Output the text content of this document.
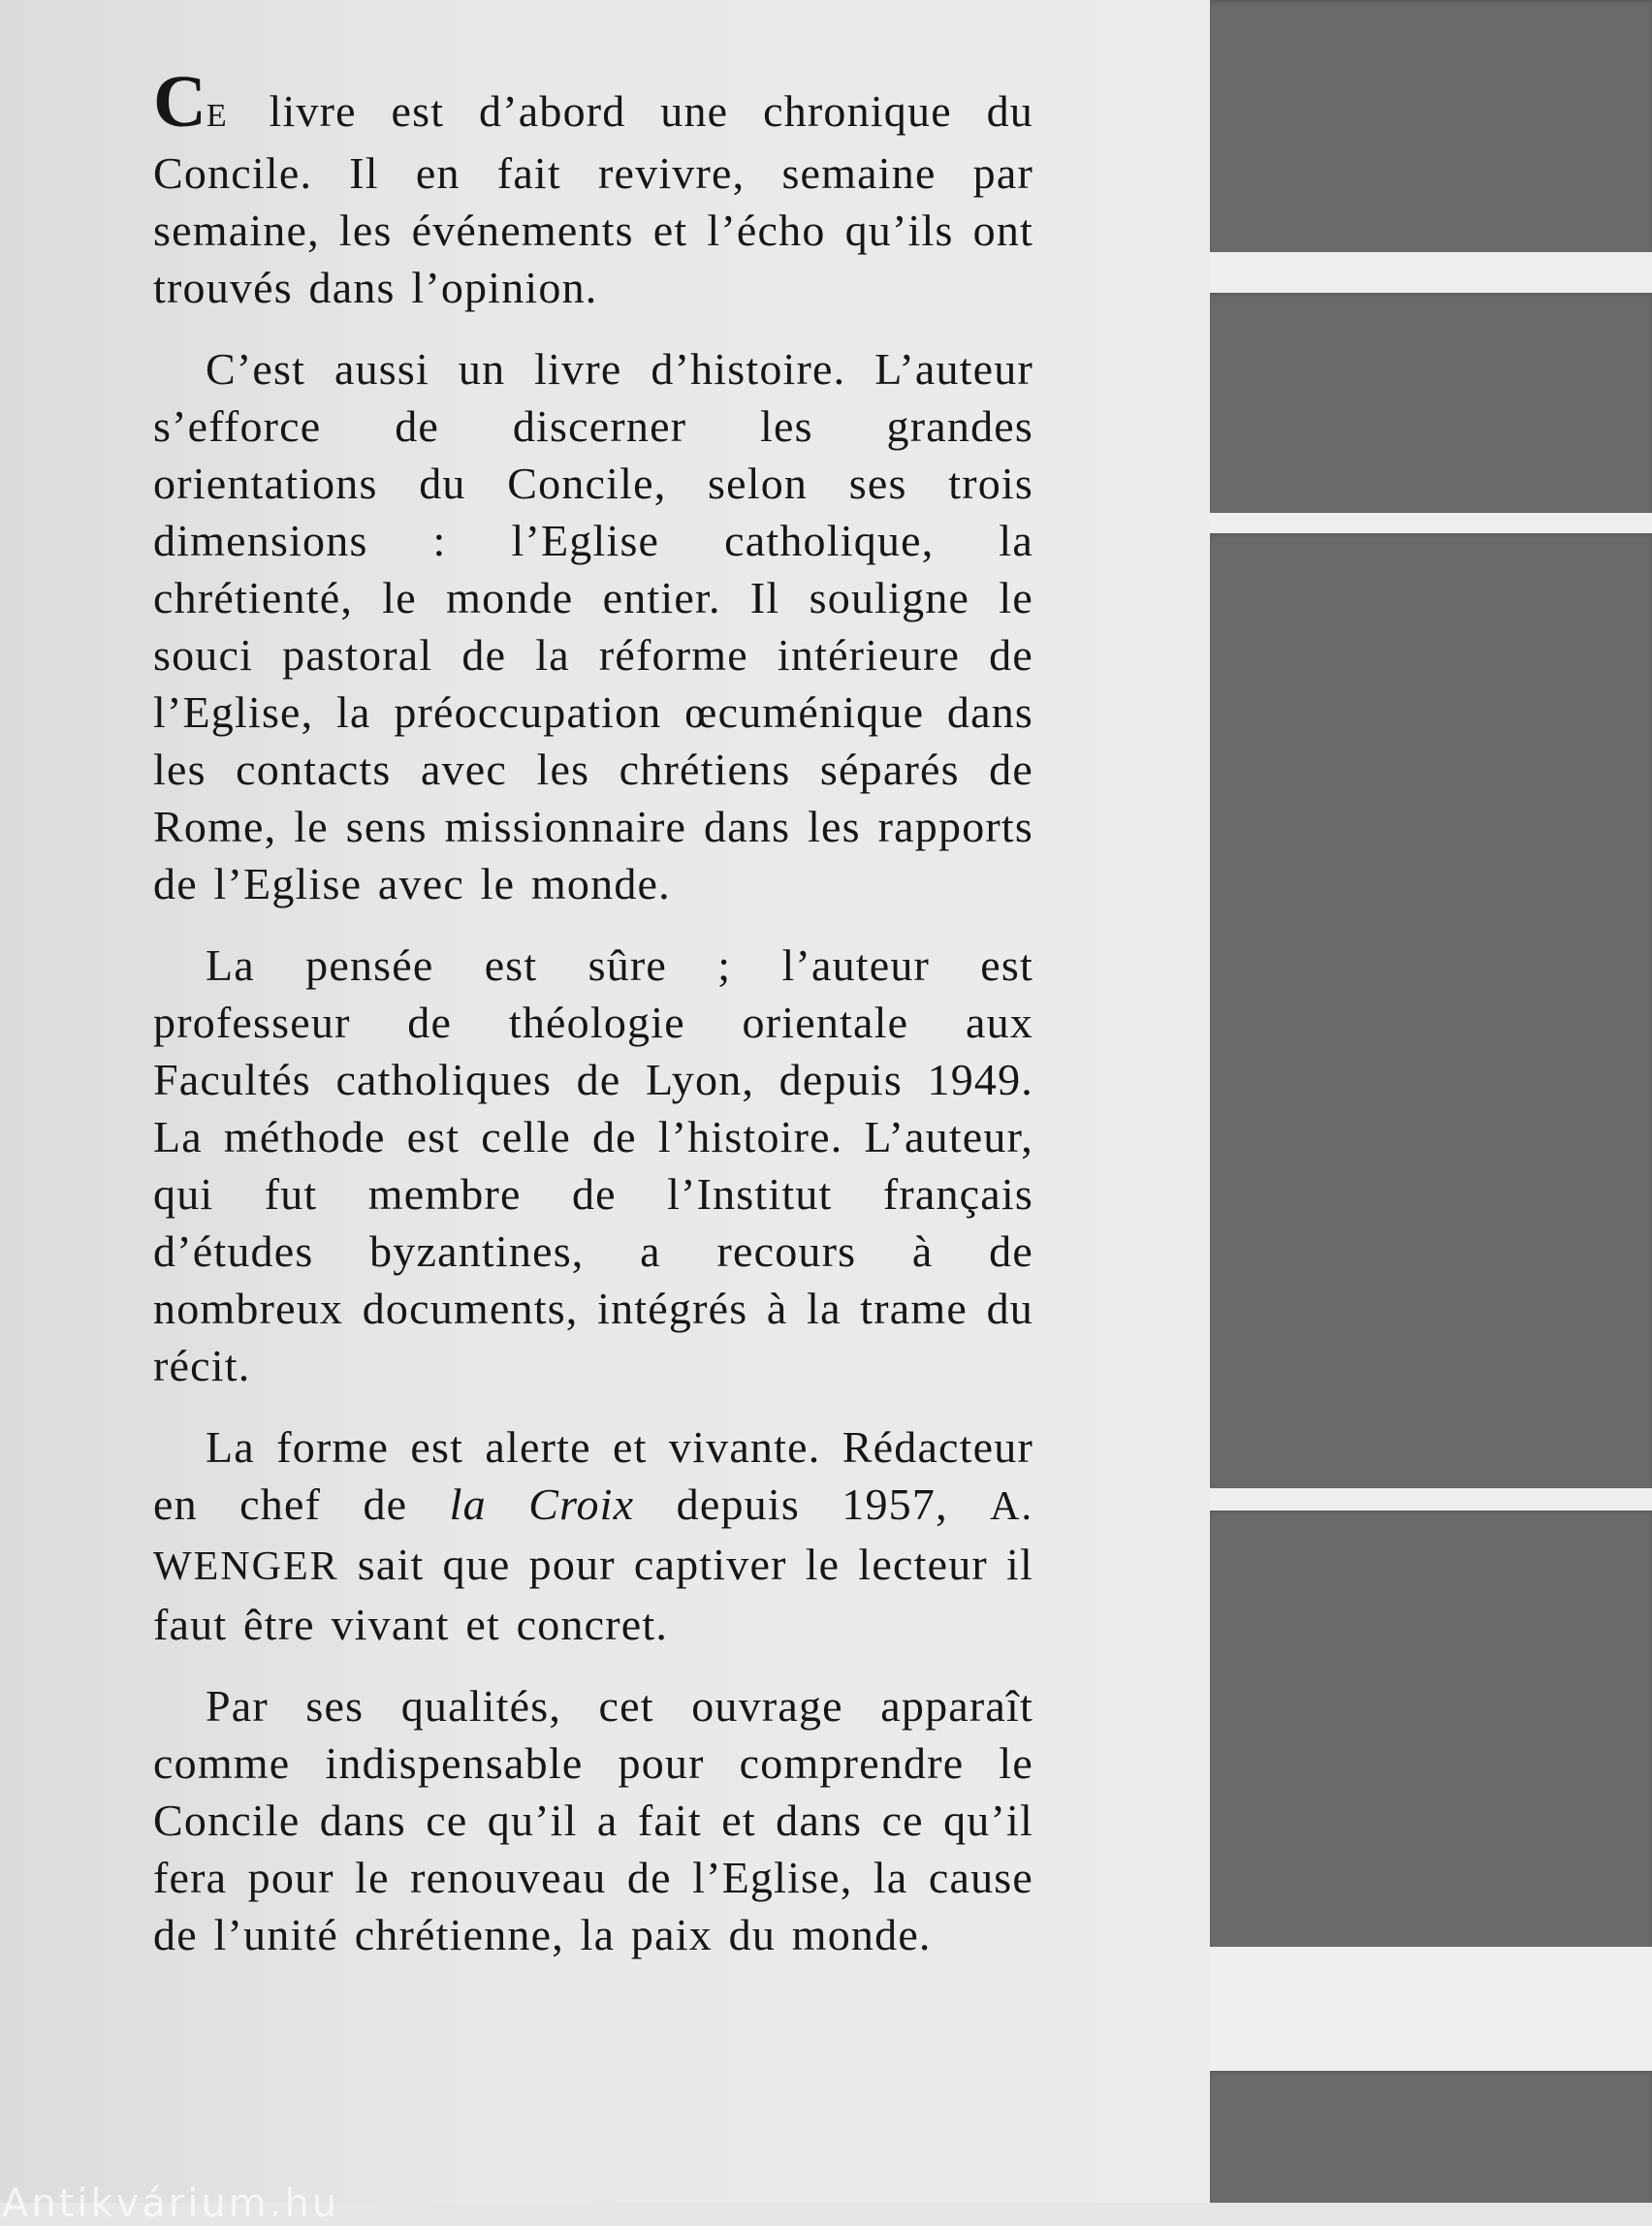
CE livre est d’abord une chronique du Concile. Il en fait revivre, semaine par semaine, les événements et l’écho qu’ils ont trouvés dans l’opinion.

C’est aussi un livre d’histoire. L’auteur s’efforce de discerner les grandes orientations du Concile, selon ses trois dimensions : l’Eglise catholique, la chrétienté, le monde entier. Il souligne le souci pastoral de la réforme intérieure de l’Eglise, la préoccupation œcuménique dans les contacts avec les chrétiens séparés de Rome, le sens missionnaire dans les rapports de l’Eglise avec le monde.

La pensée est sûre ; l’auteur est professeur de théologie orientale aux Facultés catholiques de Lyon, depuis 1949. La méthode est celle de l’histoire. L’auteur, qui fut membre de l’Institut français d’études byzantines, a recours à de nombreux documents, intégrés à la trame du récit.

La forme est alerte et vivante. Rédacteur en chef de la Croix depuis 1957, A. WENGER sait que pour captiver le lecteur il faut être vivant et concret.

Par ses qualités, cet ouvrage apparaît comme indispensable pour comprendre le Concile dans ce qu’il a fait et dans ce qu’il fera pour le renouveau de l’Eglise, la cause de l’unité chrétienne, la paix du monde.

Antikvárium.hu
